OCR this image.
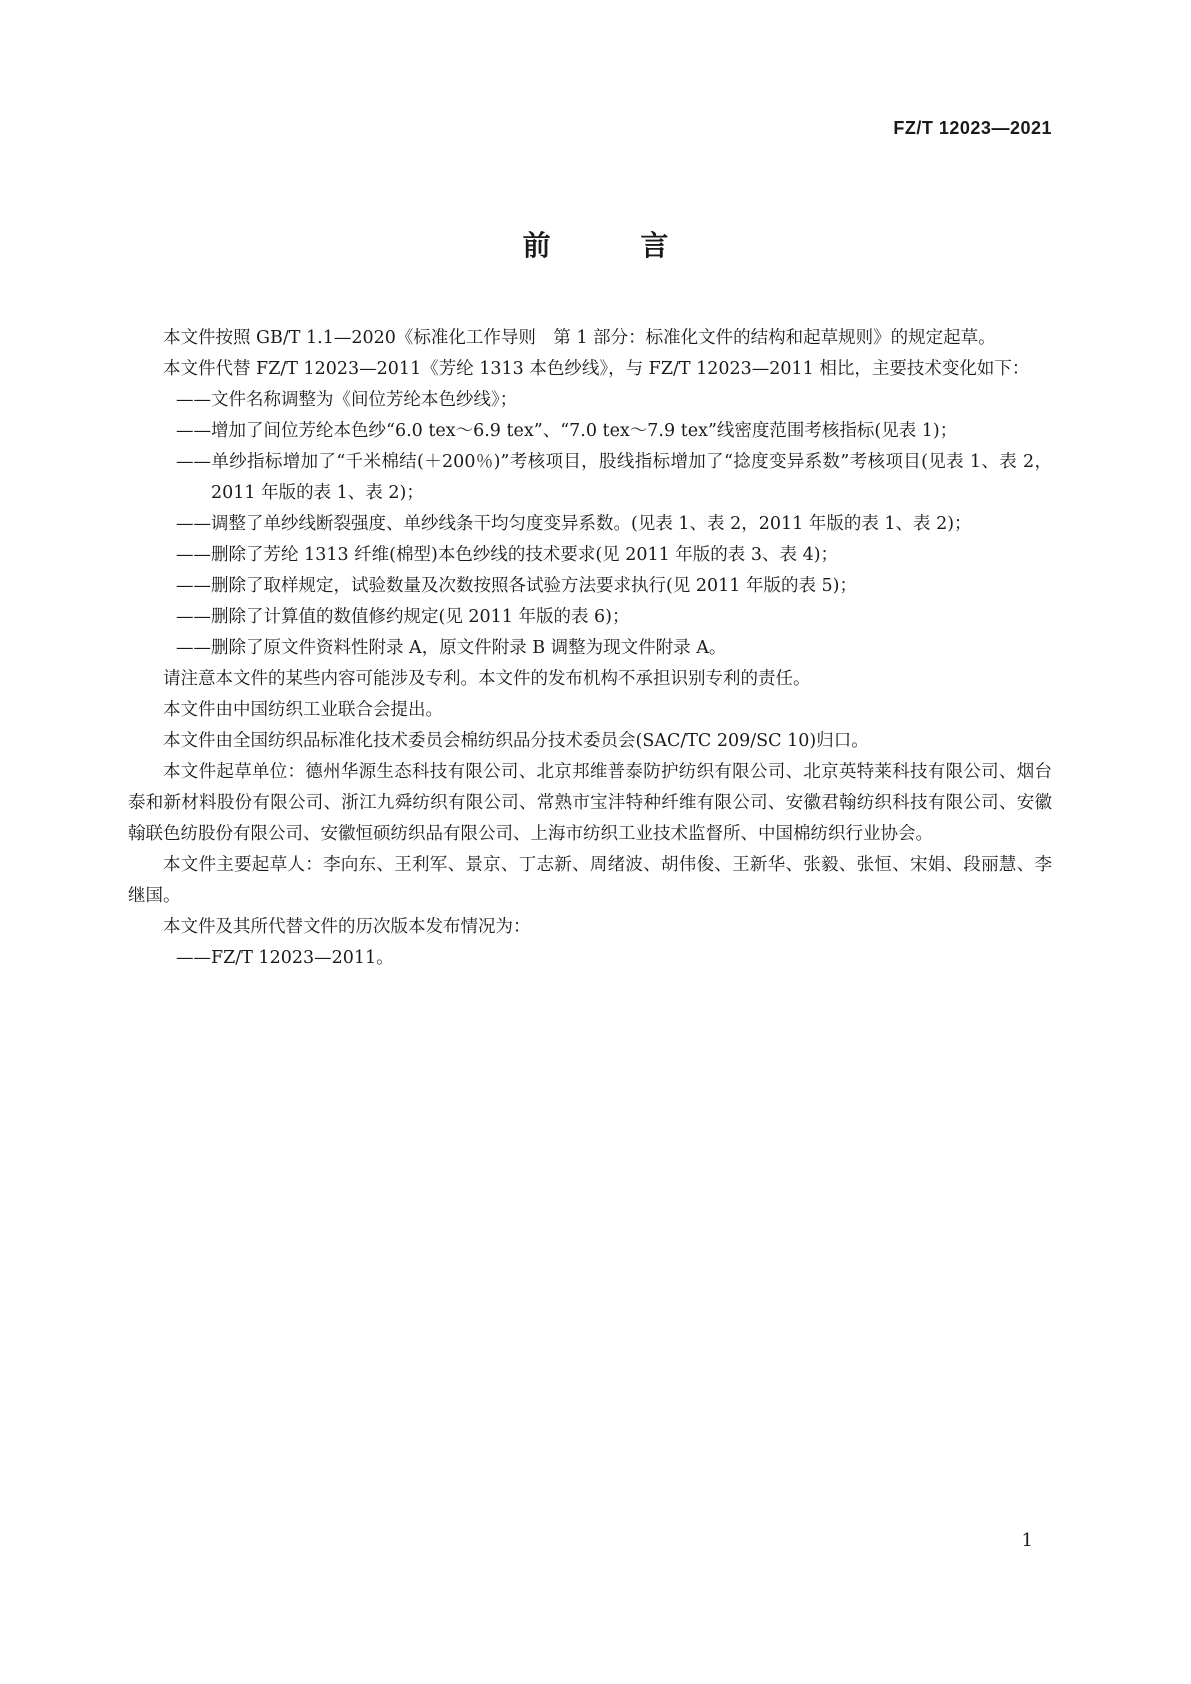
FZ/T 12023—2021
前 言

本文件按照 GB/T 1.1—2020《标准化工作导则　第 1 部分：标准化文件的结构和起草规则》的规定起草。

本文件代替 FZ/T 12023—2011《芳纶 1313 本色纱线》，与 FZ/T 12023—2011 相比，主要技术变化如下：

——文件名称调整为《间位芳纶本色纱线》；
——增加了间位芳纶本色纱“6.0 tex～6.9 tex”、“7.0 tex～7.9 tex”线密度范围考核指标(见表 1)；
——单纱指标增加了“千米棉结(＋200％)”考核项目，股线指标增加了“捻度变异系数”考核项目(见表 1、表 2，2011 年版的表 1、表 2)；
——调整了单纱线断裂强度、单纱线条干均匀度变异系数。(见表 1、表 2，2011 年版的表 1、表 2)；
——删除了芳纶 1313 纤维(棉型)本色纱线的技术要求(见 2011 年版的表 3、表 4)；
——删除了取样规定，试验数量及次数按照各试验方法要求执行(见 2011 年版的表 5)；
——删除了计算值的数值修约规定(见 2011 年版的表 6)；
——删除了原文件资料性附录 A，原文件附录 B 调整为现文件附录 A。

请注意本文件的某些内容可能涉及专利。本文件的发布机构不承担识别专利的责任。

本文件由中国纺织工业联合会提出。

本文件由全国纺织品标准化技术委员会棉纺织品分技术委员会(SAC/TC 209/SC 10)归口。

本文件起草单位：德州华源生态科技有限公司、北京邦维普泰防护纺织有限公司、北京英特莱科技有限公司、烟台泰和新材料股份有限公司、浙江九舜纺织有限公司、常熟市宝沣特种纤维有限公司、安徽君翰纺织科技有限公司、安徽翰联色纺股份有限公司、安徽恒硕纺织品有限公司、上海市纺织工业技术监督所、中国棉纺织行业协会。

本文件主要起草人：李向东、王利军、景京、丁志新、周绪波、胡伟俊、王新华、张毅、张恒、宋娟、段丽慧、李继国。

本文件及其所代替文件的历次版本发布情况为：

——FZ/T 12023—2011。
1
